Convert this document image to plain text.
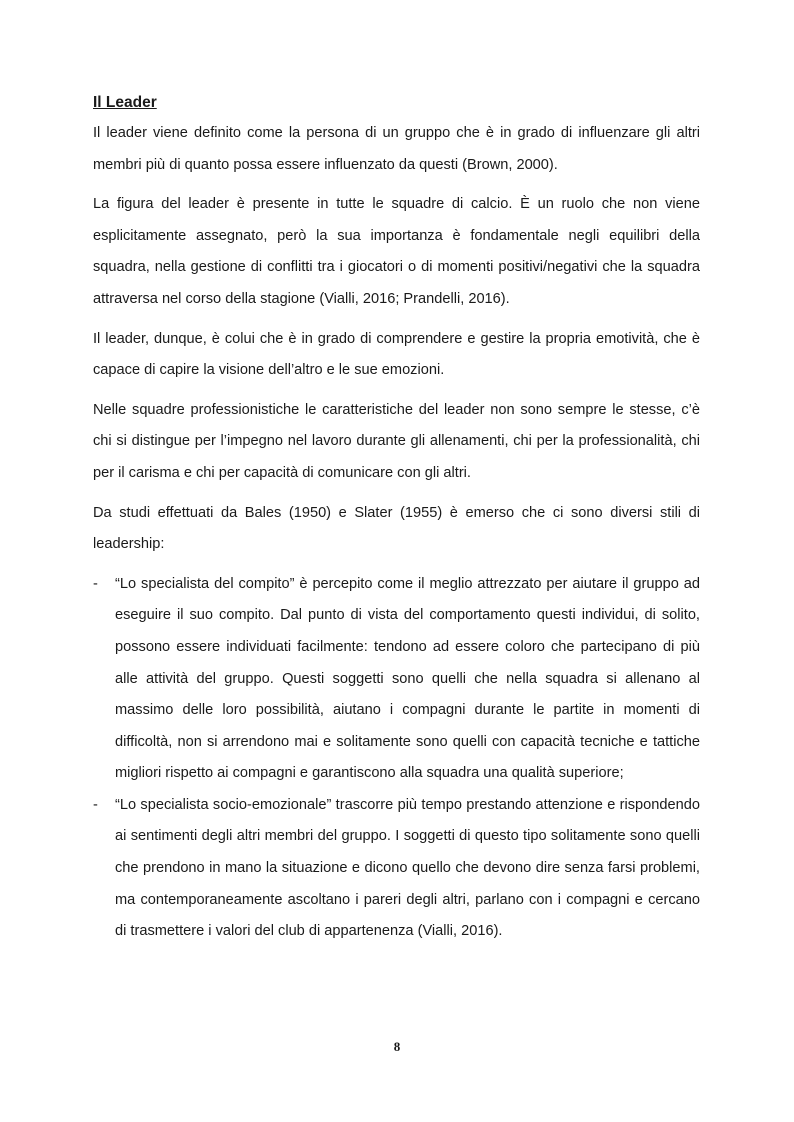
Il Leader

Il leader viene definito come la persona di un gruppo che è in grado di influenzare gli altri membri più di quanto possa essere influenzato da questi (Brown, 2000).

La figura del leader è presente in tutte le squadre di calcio. È un ruolo che non viene esplicitamente assegnato, però la sua importanza è fondamentale negli equilibri della squadra, nella gestione di conflitti tra i giocatori o di momenti positivi/negativi che la squadra attraversa nel corso della stagione (Vialli, 2016; Prandelli, 2016).

Il leader, dunque, è colui che è in grado di comprendere e gestire la propria emotività, che è capace di capire la visione dell’altro e le sue emozioni.

Nelle squadre professionistiche le caratteristiche del leader non sono sempre le stesse, c’è chi si distingue per l’impegno nel lavoro durante gli allenamenti, chi per la professionalità, chi per il carisma e chi per capacità di comunicare con gli altri.

Da studi effettuati da Bales (1950) e Slater (1955) è emerso che ci sono diversi stili di leadership:

- “Lo specialista del compito” è percepito come il meglio attrezzato per aiutare il gruppo ad eseguire il suo compito. Dal punto di vista del comportamento questi individui, di solito, possono essere individuati facilmente: tendono ad essere coloro che partecipano di più alle attività del gruppo. Questi soggetti sono quelli che nella squadra si allenano al massimo delle loro possibilità, aiutano i compagni durante le partite in momenti di difficoltà, non si arrendono mai e solitamente sono quelli con capacità tecniche e tattiche migliori rispetto ai compagni e garantiscono alla squadra una qualità superiore;
- “Lo specialista socio-emozionale” trascorre più tempo prestando attenzione e rispondendo ai sentimenti degli altri membri del gruppo. I soggetti di questo tipo solitamente sono quelli che prendono in mano la situazione e dicono quello che devono dire senza farsi problemi, ma contemporaneamente ascoltano i pareri degli altri, parlano con i compagni e cercano di trasmettere i valori del club di appartenenza (Vialli, 2016).
8
